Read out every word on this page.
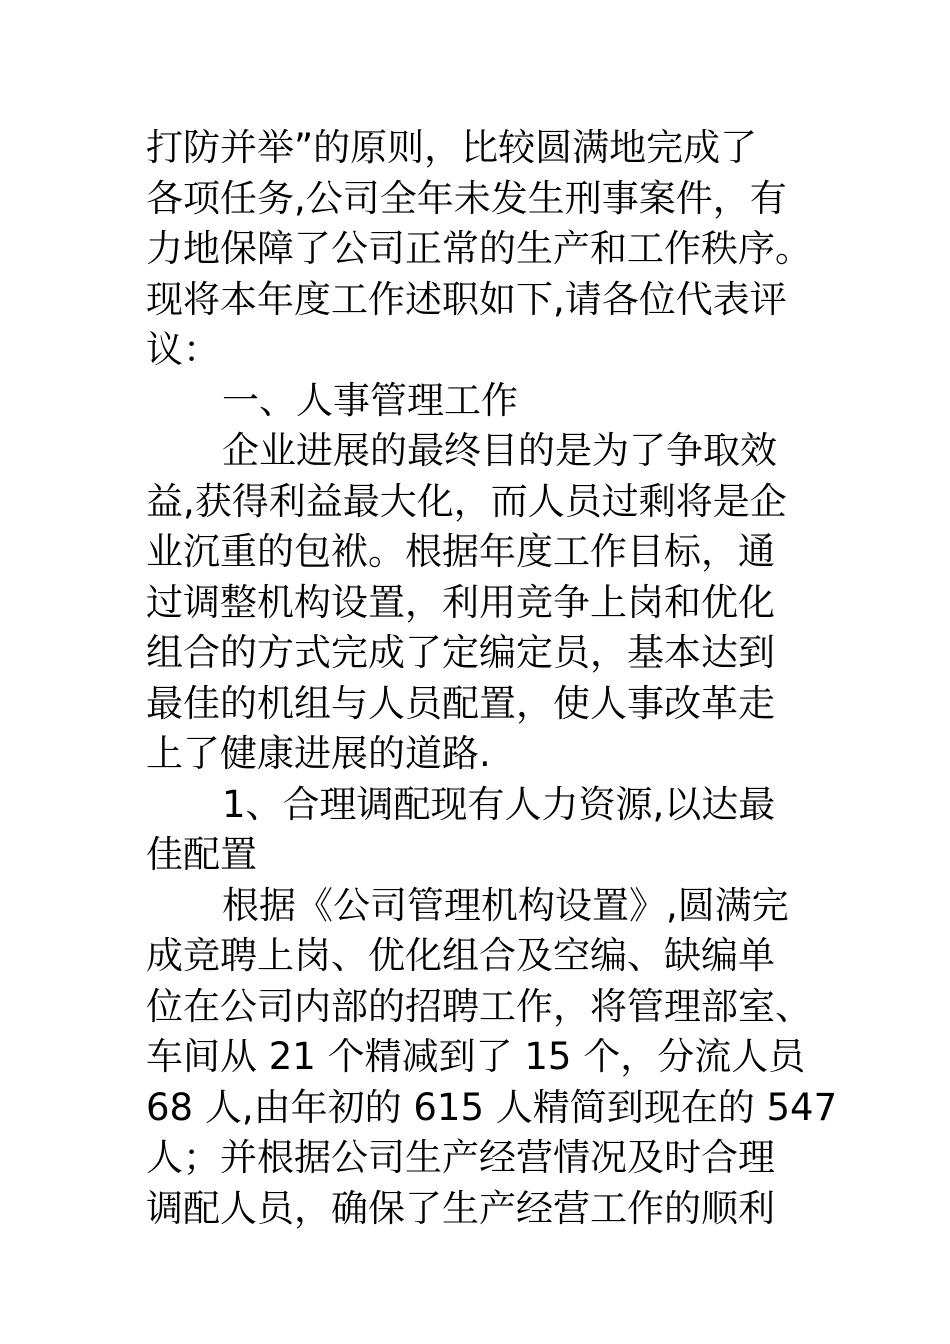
打防并举”的原则，比较圆满地完成了
各项任务,公司全年未发生刑事案件，有
力地保障了公司正常的生产和工作秩序。
现将本年度工作述职如下,请各位代表评
议：
一、人事管理工作
企业进展的最终目的是为了争取效
益,获得利益最大化，而人员过剩将是企
业沉重的包袱。根据年度工作目标，通
过调整机构设置，利用竞争上岗和优化
组合的方式完成了定编定员，基本达到
最佳的机组与人员配置，使人事改革走
上了健康进展的道路.
1、合理调配现有人力资源,以达最
佳配置
根据《公司管理机构设置》,圆满完
成竞聘上岗、优化组合及空编、缺编单
位在公司内部的招聘工作，将管理部室、
车间从 21 个精减到了 15 个，分流人员
68 人,由年初的 615 人精简到现在的 547
人；并根据公司生产经营情况及时合理
调配人员，确保了生产经营工作的顺利
